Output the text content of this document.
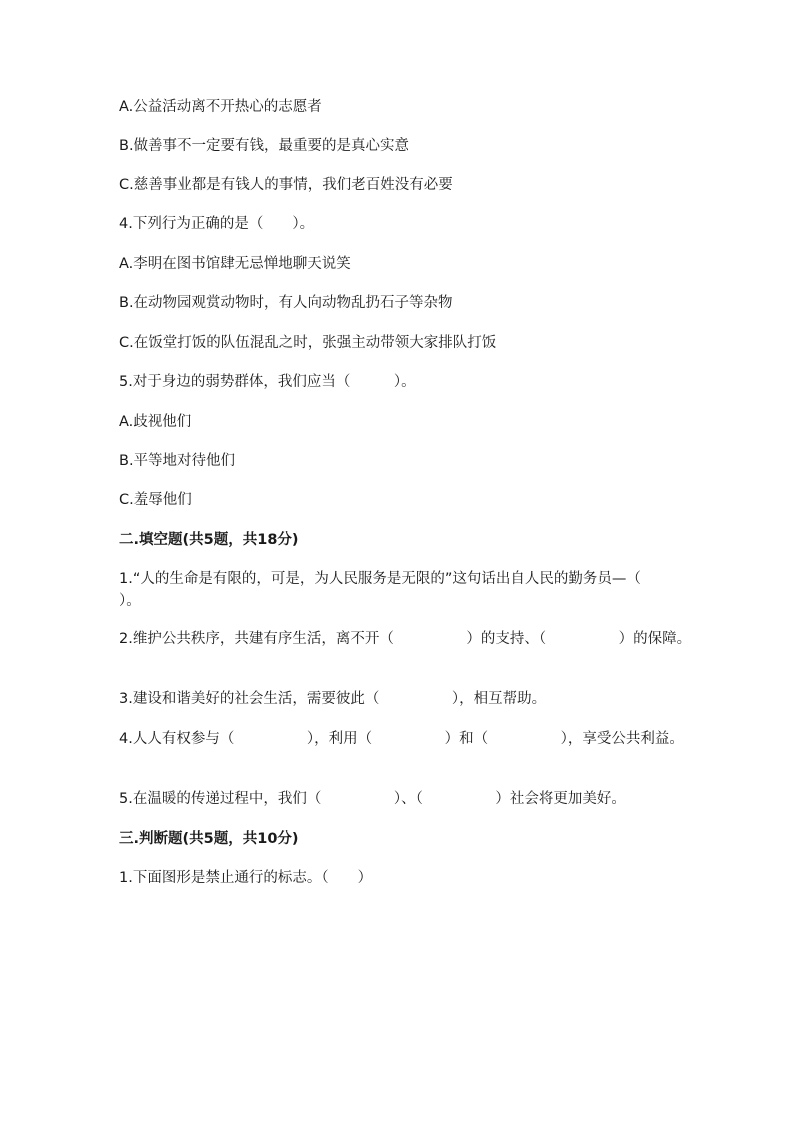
A.公益活动离不开热心的志愿者
B.做善事不一定要有钱，最重要的是真心实意
C.慈善事业都是有钱人的事情，我们老百姓没有必要
4.下列行为正确的是（　　）。
A.李明在图书馆肆无忌惮地聊天说笑
B.在动物园观赏动物时，有人向动物乱扔石子等杂物
C.在饭堂打饭的队伍混乱之时，张强主动带领大家排队打饭
5.对于身边的弱势群体，我们应当（　　　）。
A.歧视他们
B.平等地对待他们
C.羞辱他们
二.填空题(共5题，共18分)
1.“人的生命是有限的，可是，为人民服务是无限的”这句话出自人民的勤务员—（　　　　　）。
2.维护公共秩序，共建有序生活，离不开（　　　　　）的支持、（　　　　　）的保障。
3.建设和谐美好的社会生活，需要彼此（　　　　　），相互帮助。
4.人人有权参与（　　　　　），利用（　　　　　）和（　　　　　），享受公共利益。
5.在温暖的传递过程中，我们（　　　　　）、（　　　　　）社会将更加美好。
三.判断题(共5题，共10分)
1.下面图形是禁止通行的标志。（　　）
